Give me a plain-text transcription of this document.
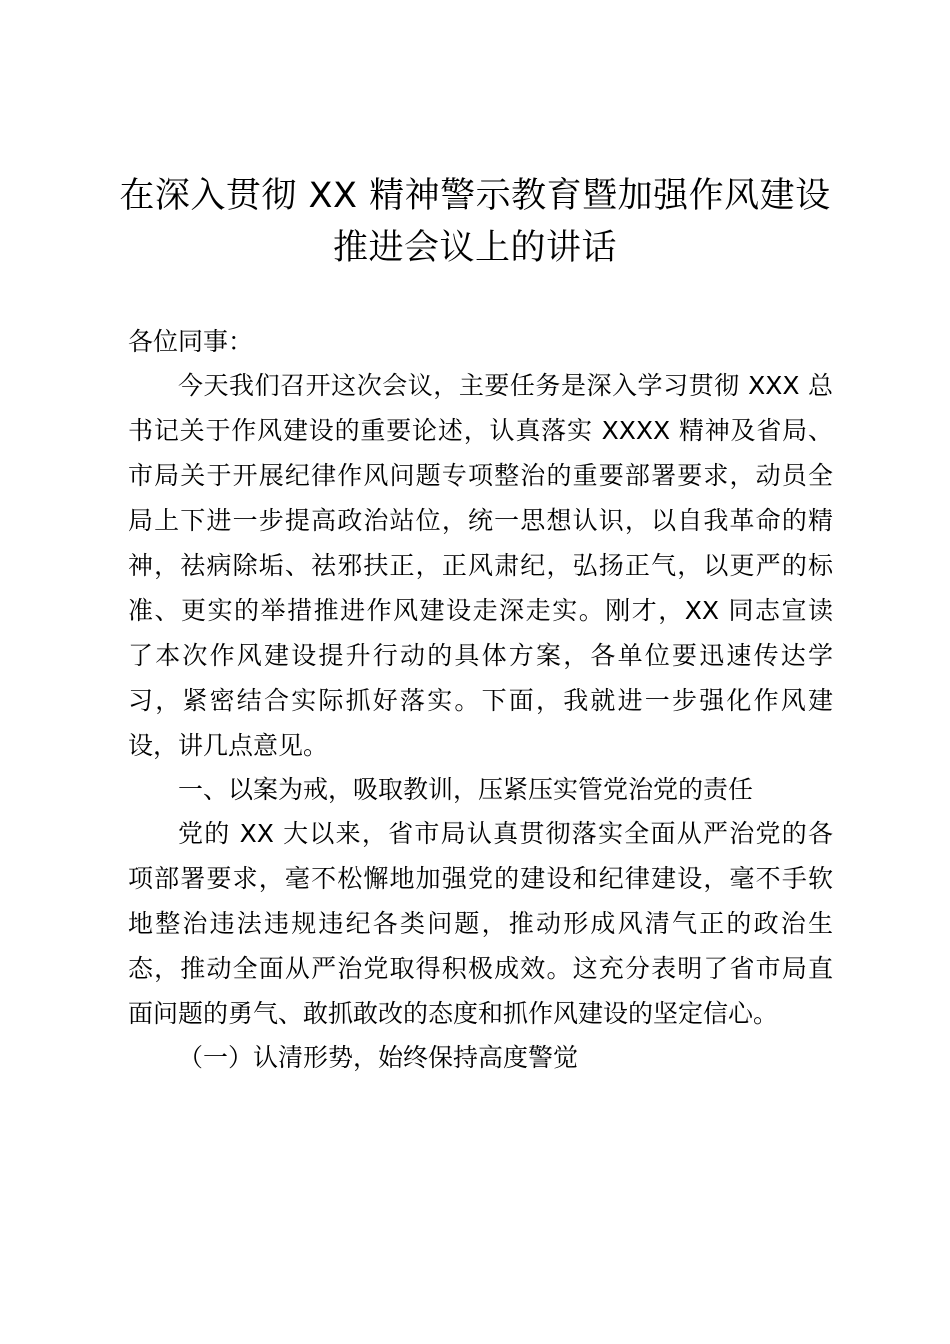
在深入贯彻 XX 精神警示教育暨加强作风建设
推进会议上的讲话
各位同事：
今天我们召开这次会议，主要任务是深入学习贯彻 XXX 总
书记关于作风建设的重要论述，认真落实 XXXX 精神及省局、
市局关于开展纪律作风问题专项整治的重要部署要求，动员全
局上下进一步提高政治站位，统一思想认识，以自我革命的精
神，祛病除垢、祛邪扶正，正风肃纪，弘扬正气，以更严的标
准、更实的举措推进作风建设走深走实。刚才，XX 同志宣读
了本次作风建设提升行动的具体方案，各单位要迅速传达学
习，紧密结合实际抓好落实。下面，我就进一步强化作风建
设，讲几点意见。
一、以案为戒，吸取教训，压紧压实管党治党的责任
党的 XX 大以来，省市局认真贯彻落实全面从严治党的各
项部署要求，毫不松懈地加强党的建设和纪律建设，毫不手软
地整治违法违规违纪各类问题，推动形成风清气正的政治生
态，推动全面从严治党取得积极成效。这充分表明了省市局直
面问题的勇气、敢抓敢改的态度和抓作风建设的坚定信心。
（一）认清形势，始终保持高度警觉
